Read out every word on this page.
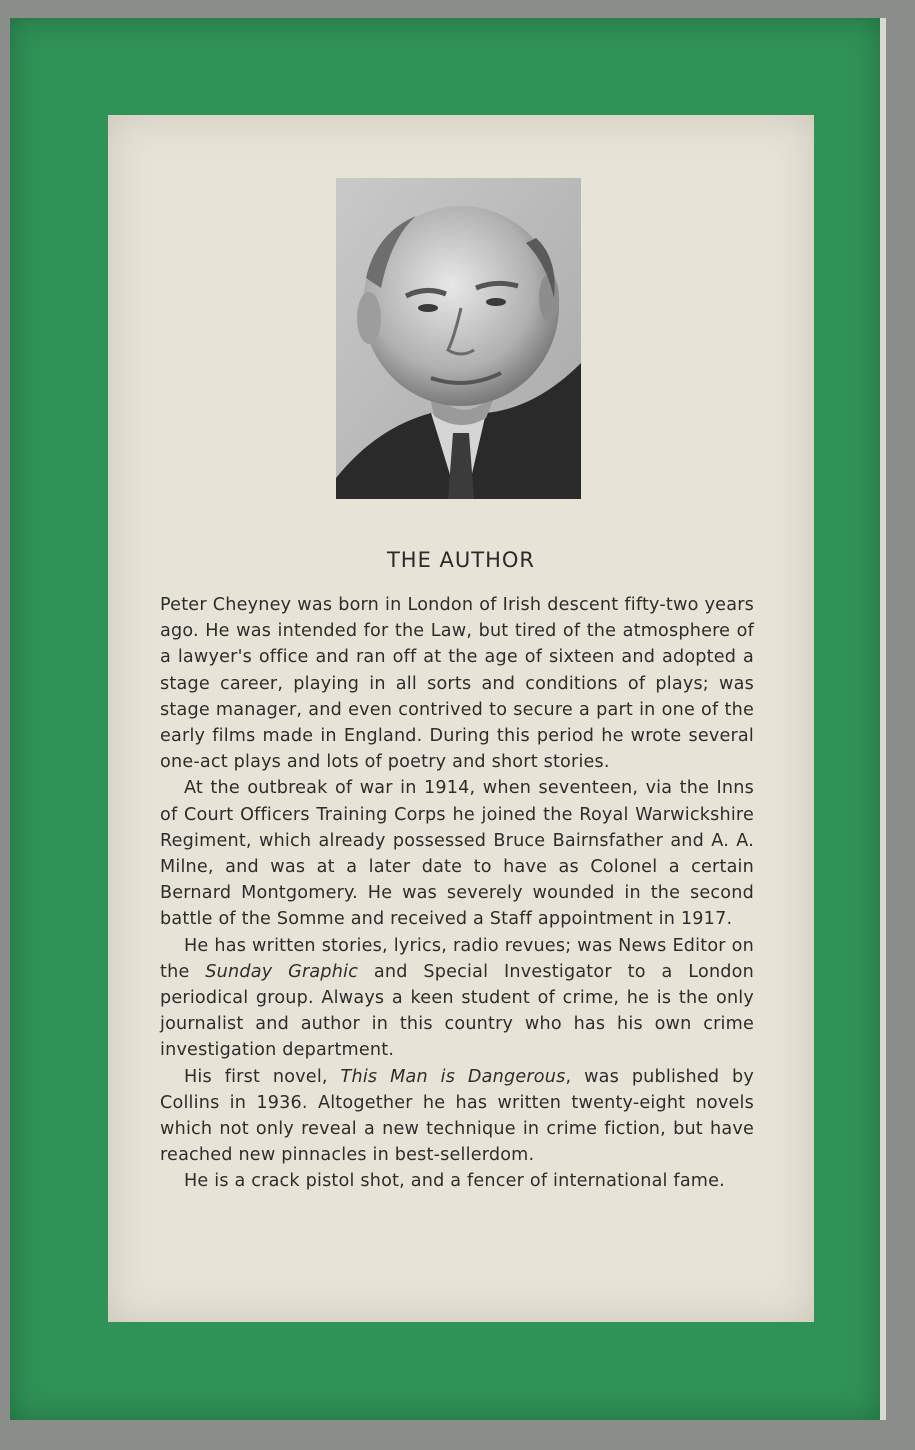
THE AUTHOR

Peter Cheyney was born in London of Irish descent fifty-two years ago. He was intended for the Law, but tired of the atmosphere of a lawyer's office and ran off at the age of sixteen and adopted a stage career, playing in all sorts and conditions of plays; was stage manager, and even contrived to secure a part in one of the early films made in England. During this period he wrote several one-act plays and lots of poetry and short stories.

At the outbreak of war in 1914, when seventeen, via the Inns of Court Officers Training Corps he joined the Royal Warwickshire Regiment, which already possessed Bruce Bairnsfather and A. A. Milne, and was at a later date to have as Colonel a certain Bernard Montgomery. He was severely wounded in the second battle of the Somme and received a Staff appointment in 1917.

He has written stories, lyrics, radio revues; was News Editor on the Sunday Graphic and Special Investigator to a London periodical group. Always a keen student of crime, he is the only journalist and author in this country who has his own crime investigation department.

His first novel, This Man is Dangerous, was published by Collins in 1936. Altogether he has written twenty-eight novels which not only reveal a new technique in crime fiction, but have reached new pinnacles in best-sellerdom.

He is a crack pistol shot, and a fencer of international fame.
